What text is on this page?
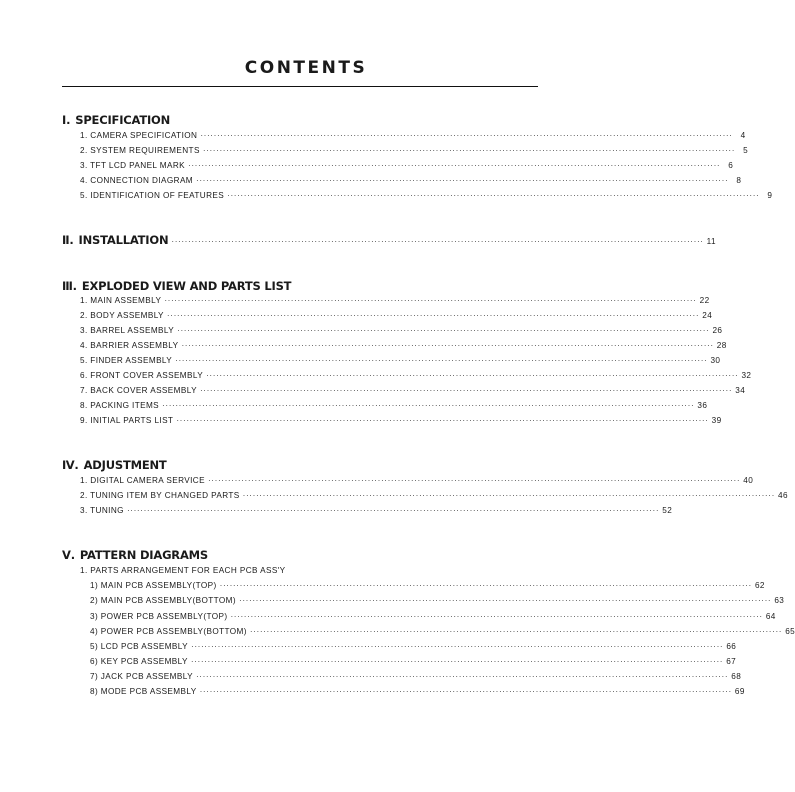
CONTENTS
Ⅰ. SPECIFICATION
1. CAMERA SPECIFICATION ································································································································································ 4
2. SYSTEM REQUIREMENTS ································································································································································ 5
3. TFT LCD PANEL MARK ································································································································································ 6
4. CONNECTION DIAGRAM ································································································································································ 8
5. IDENTIFICATION OF FEATURES ································································································································································ 9
Ⅱ. INSTALLATION ································································································································································ 11
Ⅲ. EXPLODED VIEW AND PARTS LIST
1. MAIN ASSEMBLY ································································································································································ 22
2. BODY ASSEMBLY ································································································································································ 24
3. BARREL ASSEMBLY ································································································································································ 26
4. BARRIER ASSEMBLY ································································································································································ 28
5. FINDER ASSEMBLY ································································································································································ 30
6. FRONT COVER ASSEMBLY ································································································································································ 32
7. BACK COVER ASSEMBLY ································································································································································ 34
8. PACKING ITEMS ································································································································································ 36
9. INITIAL PARTS LIST ································································································································································ 39
Ⅳ. ADJUSTMENT
1. DIGITAL CAMERA SERVICE ································································································································································ 40
2. TUNING ITEM BY CHANGED PARTS ································································································································································ 46
3. TUNING ································································································································································ 52
Ⅴ. PATTERN DIAGRAMS
1. PARTS ARRANGEMENT FOR EACH PCB ASS'Y
1) MAIN PCB ASSEMBLY(TOP) ································································································································································ 62
2) MAIN PCB ASSEMBLY(BOTTOM) ································································································································································ 63
3) POWER PCB ASSEMBLY(TOP) ································································································································································ 64
4) POWER PCB ASSEMBLY(BOTTOM) ································································································································································ 65
5) LCD PCB ASSEMBLY ································································································································································ 66
6) KEY PCB ASSEMBLY ································································································································································ 67
7) JACK PCB ASSEMBLY ································································································································································ 68
8) MODE PCB ASSEMBLY ································································································································································ 69
